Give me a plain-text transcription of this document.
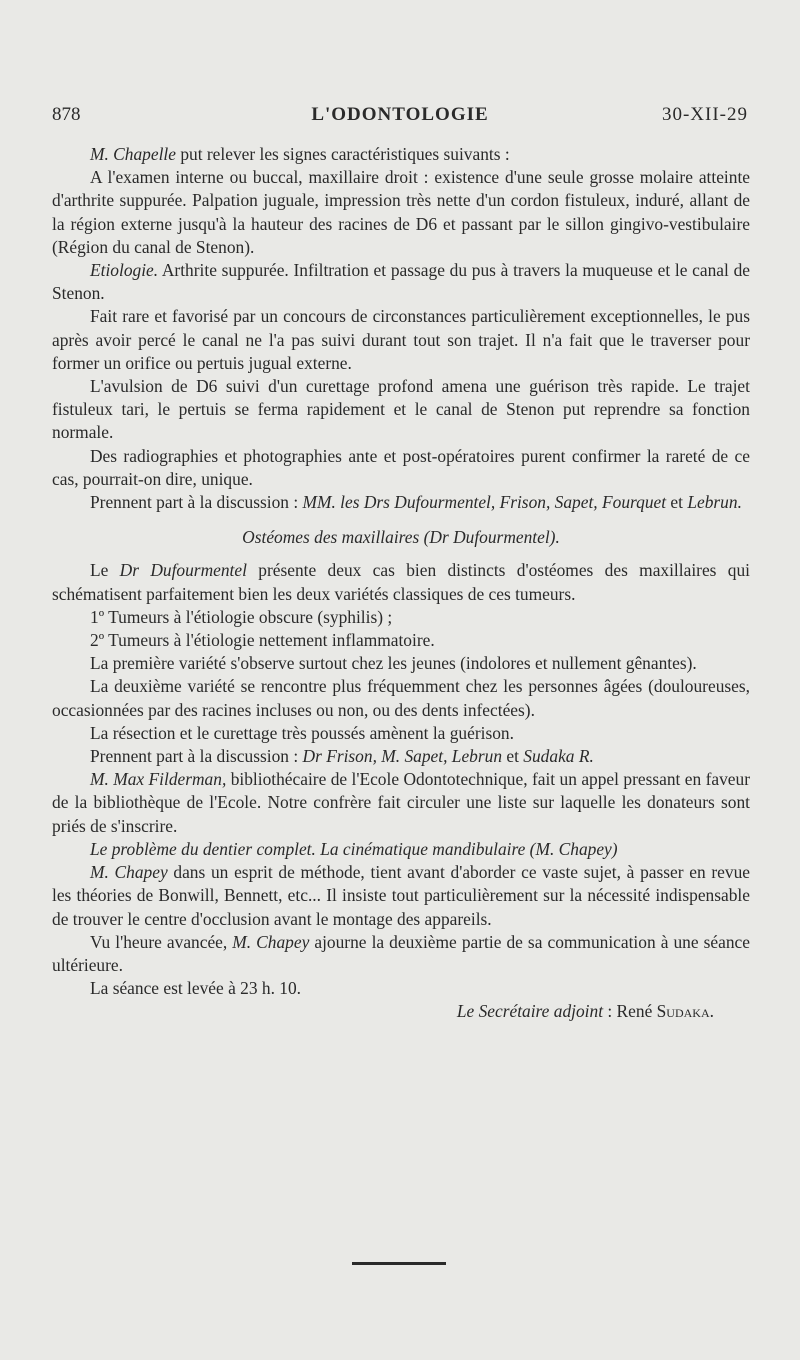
878	L'ODONTOLOGIE	30-XII-29

M. Chapelle put relever les signes caractéristiques suivants :

A l'examen interne ou buccal, maxillaire droit : existence d'une seule grosse molaire atteinte d'arthrite suppurée. Palpation juguale, impression très nette d'un cordon fistuleux, induré, allant de la région externe jusqu'à la hauteur des racines de D6 et passant par le sillon gingivo-vestibulaire (Région du canal de Stenon).

Etiologie. Arthrite suppurée. Infiltration et passage du pus à travers la muqueuse et le canal de Stenon.

Fait rare et favorisé par un concours de circonstances particulièrement exceptionnelles, le pus après avoir percé le canal ne l'a pas suivi durant tout son trajet. Il n'a fait que le traverser pour former un orifice ou pertuis jugual externe.

L'avulsion de D6 suivi d'un curettage profond amena une guérison très rapide. Le trajet fistuleux tari, le pertuis se ferma rapidement et le canal de Stenon put reprendre sa fonction normale.

Des radiographies et photographies ante et post-opératoires purent confirmer la rareté de ce cas, pourrait-on dire, unique.

Prennent part à la discussion : MM. les Drs Dufourmentel, Frison, Sapet, Fourquet et Lebrun.

Ostéomes des maxillaires (Dr Dufourmentel).

Le Dr Dufourmentel présente deux cas bien distincts d'ostéomes des maxillaires qui schématisent parfaitement bien les deux variétés classiques de ces tumeurs.

1º Tumeurs à l'étiologie obscure (syphilis) ;

2º Tumeurs à l'étiologie nettement inflammatoire.

La première variété s'observe surtout chez les jeunes (indolores et nullement gênantes).

La deuxième variété se rencontre plus fréquemment chez les personnes âgées (douloureuses, occasionnées par des racines incluses ou non, ou des dents infectées).

La résection et le curettage très poussés amènent la guérison.

Prennent part à la discussion : Dr Frison, M. Sapet, Lebrun et Sudaka R.

M. Max Filderman, bibliothécaire de l'Ecole Odontotechnique, fait un appel pressant en faveur de la bibliothèque de l'Ecole. Notre confrère fait circuler une liste sur laquelle les donateurs sont priés de s'inscrire.

Le problème du dentier complet. La cinématique mandibulaire (M. Chapey)

M. Chapey dans un esprit de méthode, tient avant d'aborder ce vaste sujet, à passer en revue les théories de Bonwill, Bennett, etc... Il insiste tout particulièrement sur la nécessité indispensable de trouver le centre d'occlusion avant le montage des appareils.

Vu l'heure avancée, M. Chapey ajourne la deuxième partie de sa communication à une séance ultérieure.

La séance est levée à 23 h. 10.

Le Secrétaire adjoint : René Sudaka.
